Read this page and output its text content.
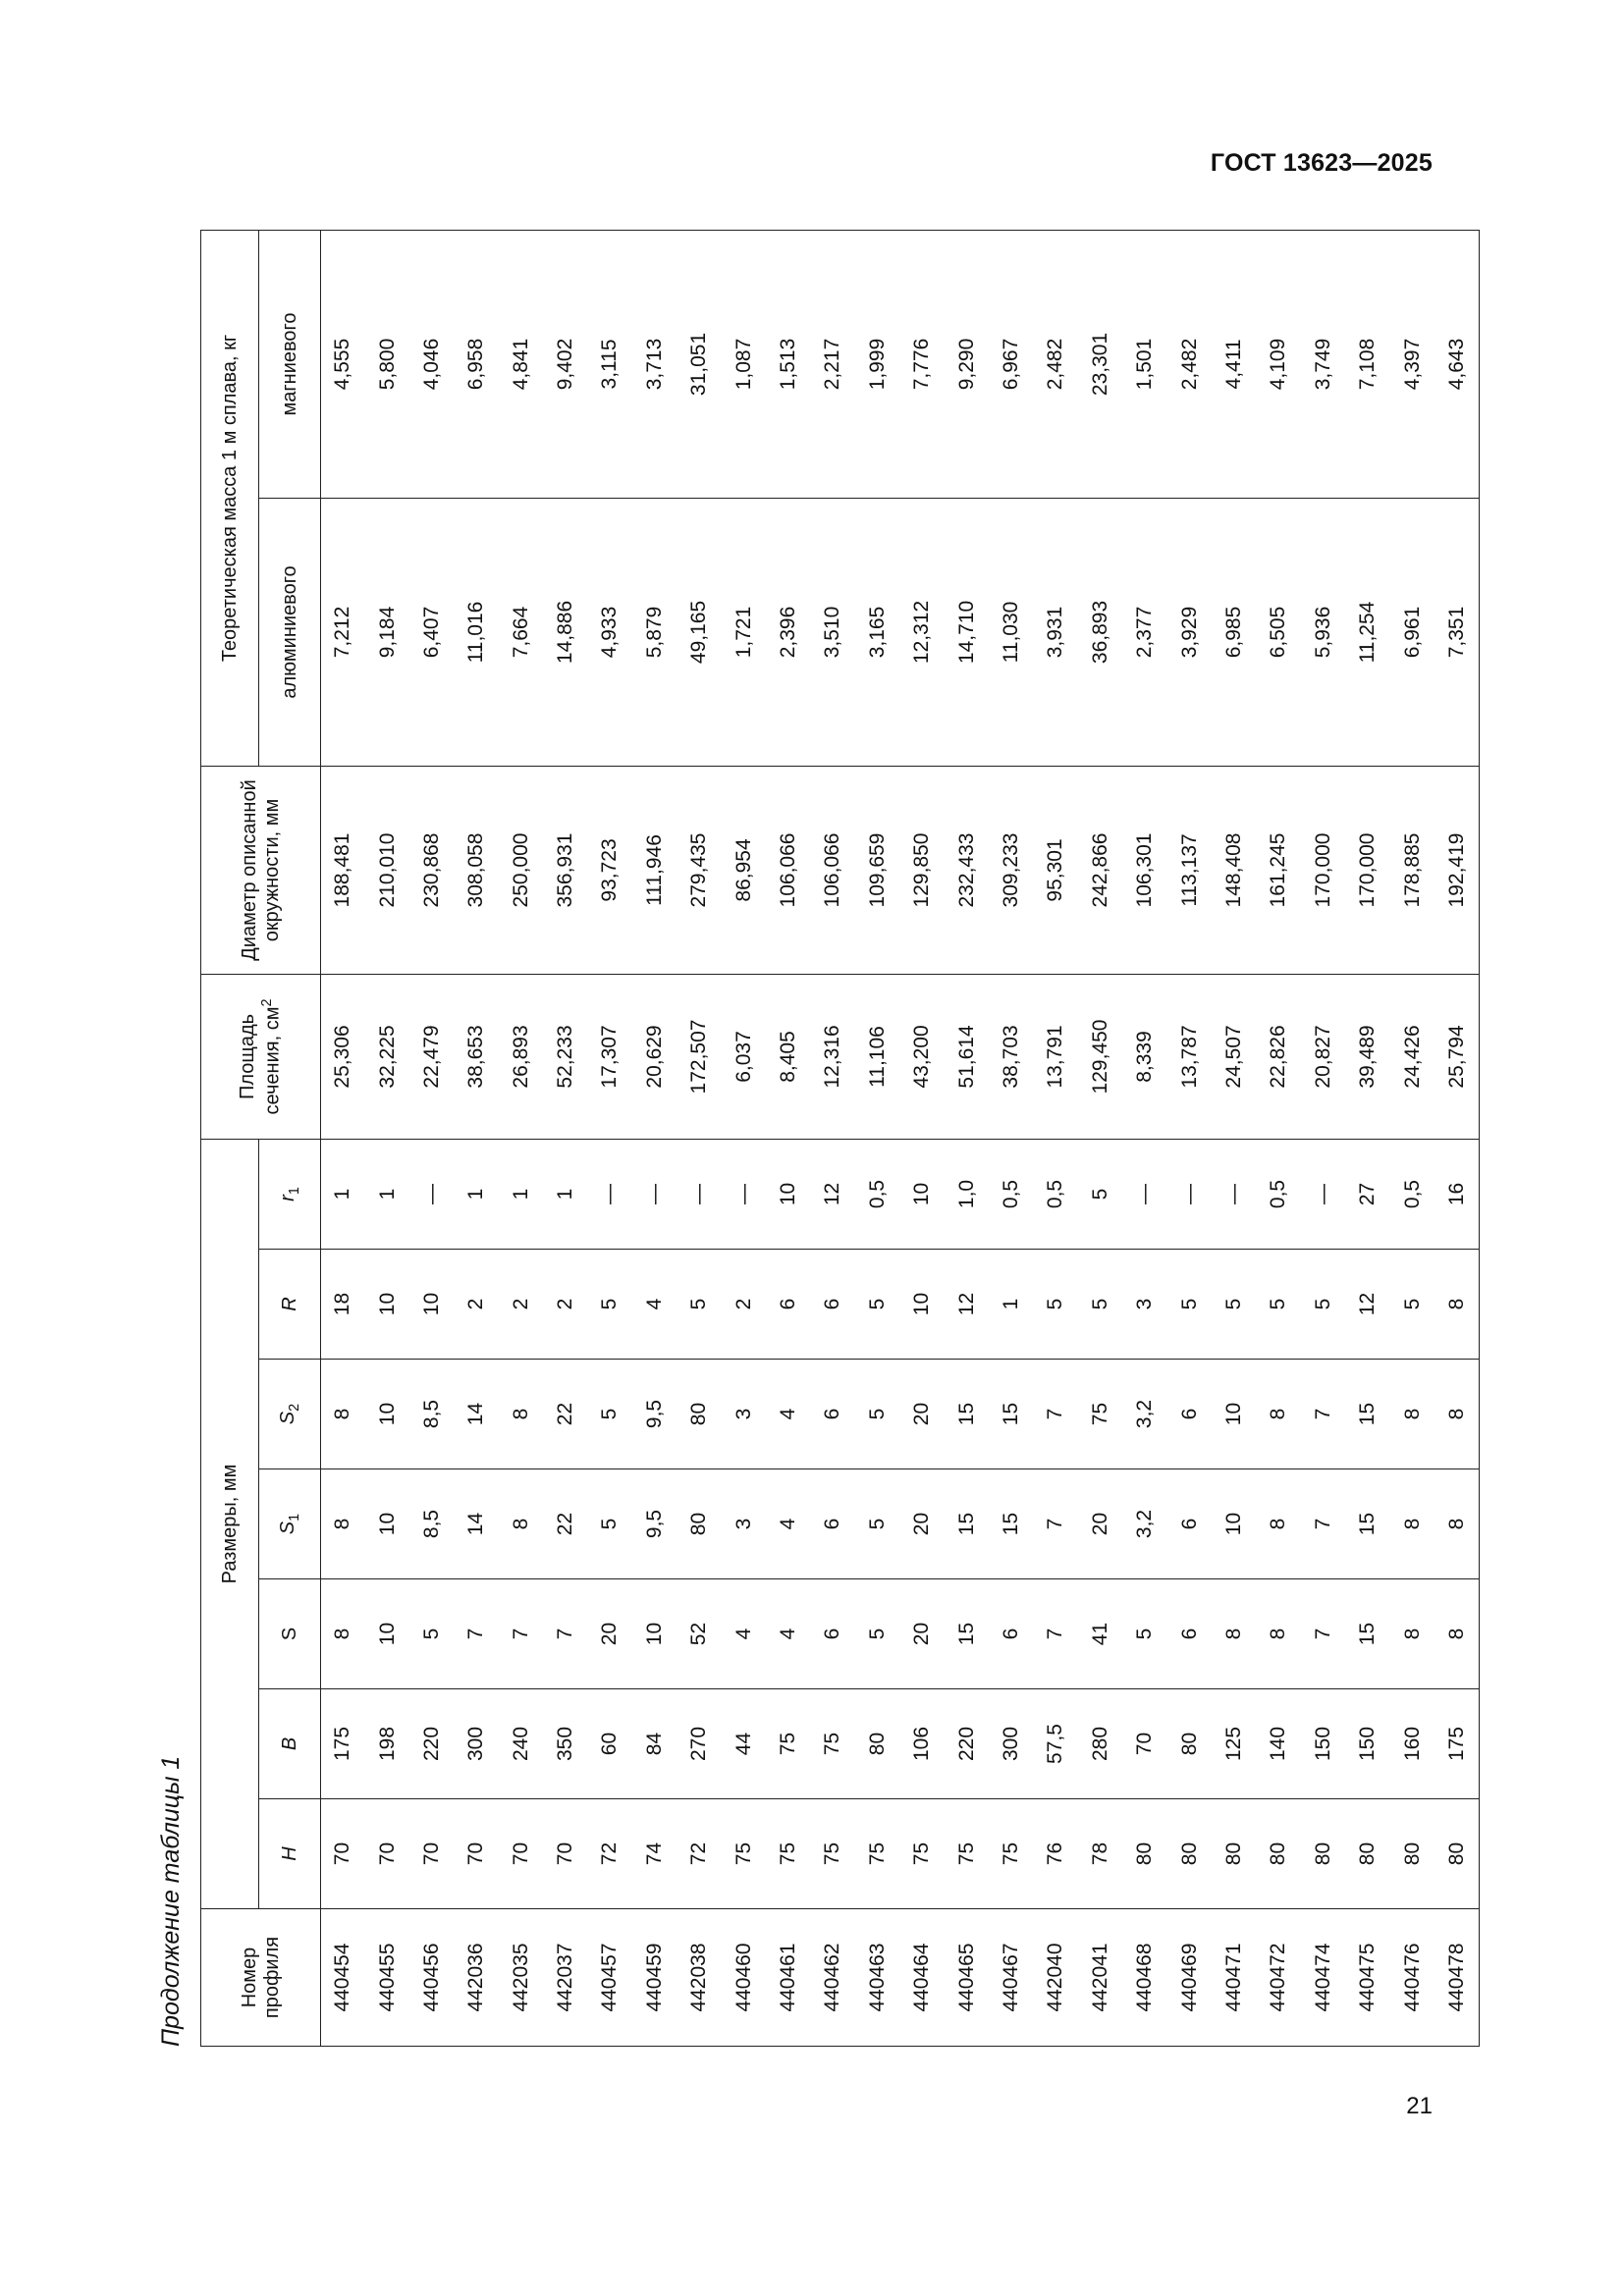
ГОСТ 13623—2025
Продолжение таблицы 1	Номер профиля	Размеры, мм							Площадь сечения, $см^2$	Диаметр описанной окружности, мм	Теоретическая масса 1 м сплава, кг	
	H	B	S	$S_1$	$S_2$	R	$r_1$			алюминиевого	магниевого
440454	70	175	8	8	8	18	1	25,306	188,481	7,212	4,555
440455	70	198	10	10	10	10	1	32,225	210,010	9,184	5,800
440456	70	220	5	8,5	8,5	10	—	22,479	230,868	6,407	4,046
442036	70	300	7	14	14	2	1	38,653	308,058	11,016	6,958
442035	70	240	7	8	8	2	1	26,893	250,000	7,664	4,841
442037	70	350	7	22	22	2	1	52,233	356,931	14,886	9,402
440457	72	60	20	5	5	5	—	17,307	93,723	4,933	3,115
440459	74	84	10	9,5	9,5	4	—	20,629	111,946	5,879	3,713
442038	72	270	52	80	80	5	—	172,507	279,435	49,165	31,051
440460	75	44	4	3	3	2	—	6,037	86,954	1,721	1,087
440461	75	75	4	4	4	6	10	8,405	106,066	2,396	1,513
440462	75	75	6	6	6	6	12	12,316	106,066	3,510	2,217
440463	75	80	5	5	5	5	0,5	11,106	109,659	3,165	1,999
440464	75	106	20	20	20	10	10	43,200	129,850	12,312	7,776
440465	75	220	15	15	15	12	1,0	51,614	232,433	14,710	9,290
440467	75	300	6	15	15	1	0,5	38,703	309,233	11,030	6,967
442040	76	57,5	7	7	7	5	0,5	13,791	95,301	3,931	2,482
442041	78	280	41	20	75	5	5	129,450	242,866	36,893	23,301
440468	80	70	5	3,2	3,2	3	—	8,339	106,301	2,377	1,501
440469	80	80	6	6	6	5	—	13,787	113,137	3,929	2,482
440471	80	125	8	10	10	5	—	24,507	148,408	6,985	4,411
440472	80	140	8	8	8	5	0,5	22,826	161,245	6,505	4,109
440474	80	150	7	7	7	5	—	20,827	170,000	5,936	3,749
440475	80	150	15	15	15	12	27	39,489	170,000	11,254	7,108
440476	80	160	8	8	8	5	0,5	24,426	178,885	6,961	4,397
440478	80	175	8	8	8	8	16	25,794	192,419	7,351	4,643
21
